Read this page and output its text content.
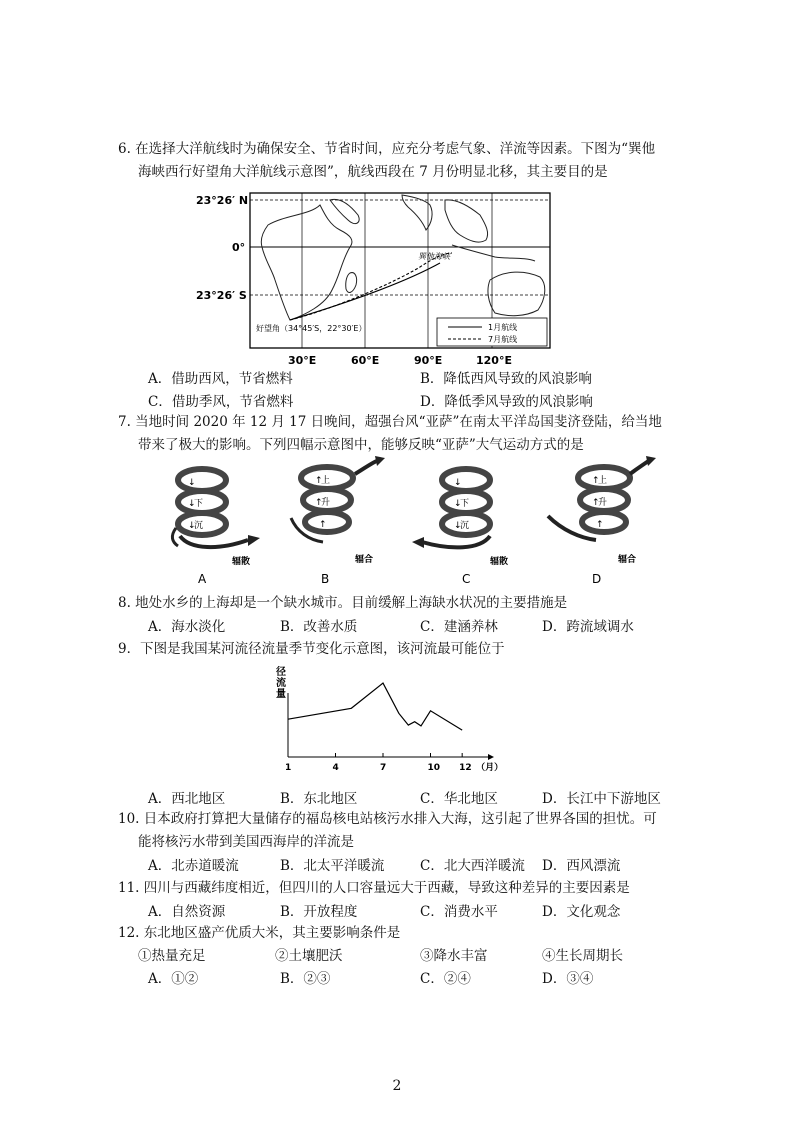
6. 在选择大洋航线时为确保安全、节省时间，应充分考虑气象、洋流等因素。下图为“巽他
海峡西行好望角大洋航线示意图”，航线西段在 7 月份明显北移，其主要目的是
23°26′ N
0°
23°26′ S
巽他海峡
好望角（34°45′S，22°30′E）	1月航线
7月航线
30°E	60°E	90°E	120°E
A．借助西风，节省燃料	B．降低西风导致的风浪影响
C．借助季风，节省燃料	D．降低季风导致的风浪影响
7. 当地时间 2020 年 12 月 17 日晚间，超强台风“亚萨”在南太平洋岛国斐济登陆，给当地
带来了极大的影响。下列四幅示意图中，能够反映“亚萨”大气运动方式的是
↓
下
↓
沉
↓
辐散
A
↑
上
↑
升
↑
辐合
B
↓
↓
下
↓
沉
辐散
C
↑
上
↑
升
↑
辐合
D
8. 地处水乡的上海却是一个缺水城市。目前缓解上海缺水状况的主要措施是
A．海水淡化	B．改善水质	C．建涵养林	D．跨流域调水
9．下图是我国某河流径流量季节变化示意图，该河流最可能位于
径
流
量
1	4	7	10 12 （月）
A．西北地区	B．东北地区	C．华北地区	D．长江中下游地区
10. 日本政府打算把大量储存的福岛核电站核污水排入大海，这引起了世界各国的担忧。可
能将核污水带到美国西海岸的洋流是
A．北赤道暖流	B．北太平洋暖流	C．北大西洋暖流 D．西风漂流
11. 四川与西藏纬度相近，但四川的人口容量远大于西藏，导致这种差异的主要因素是
A．自然资源	B．开放程度	C．消费水平	D．文化观念
12. 东北地区盛产优质大米，其主要影响条件是
①热量充足	②土壤肥沃	③降水丰富	④生长周期长
A．①②	B．②③	C．②④	D．③④
2
